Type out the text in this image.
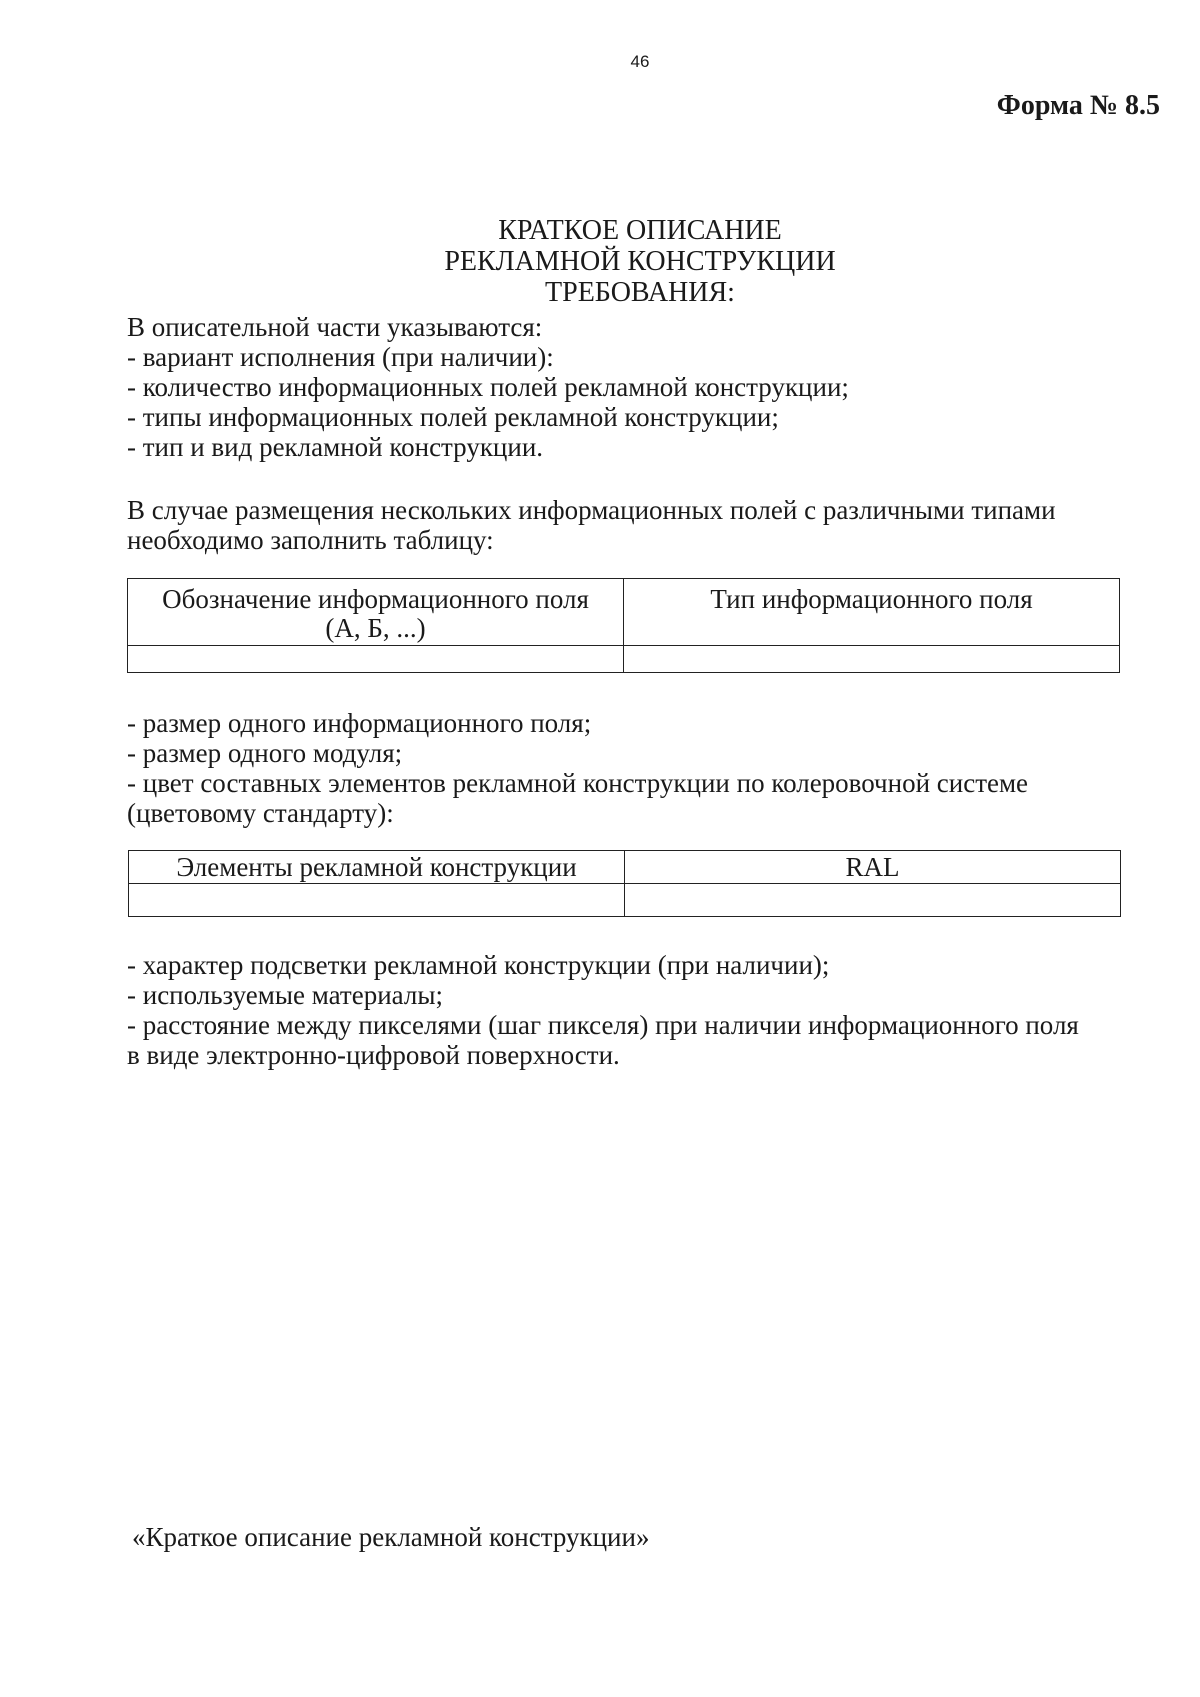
46
Форма № 8.5
КРАТКОЕ ОПИСАНИЕ
РЕКЛАМНОЙ КОНСТРУКЦИИ
ТРЕБОВАНИЯ:

В описательной части указываются:

- вариант исполнения (при наличии):

- количество информационных полей рекламной конструкции;

- типы информационных полей рекламной конструкции;

- тип и вид рекламной конструкции.

В случае размещения нескольких информационных полей с различными типами

необходимо заполнить таблицу:

Обозначение информационного поля
(А, Б, ...)	Тип информационного поля

- размер одного информационного поля;

- размер одного модуля;

- цвет составных элементов рекламной конструкции по колеровочной системе

(цветовому стандарту):

Элементы рекламной конструкции	RAL

- характер подсветки рекламной конструкции (при наличии);

- используемые материалы;

- расстояние между пикселями (шаг пикселя) при наличии информационного поля

в виде электронно-цифровой поверхности.

«Краткое описание рекламной конструкции»
